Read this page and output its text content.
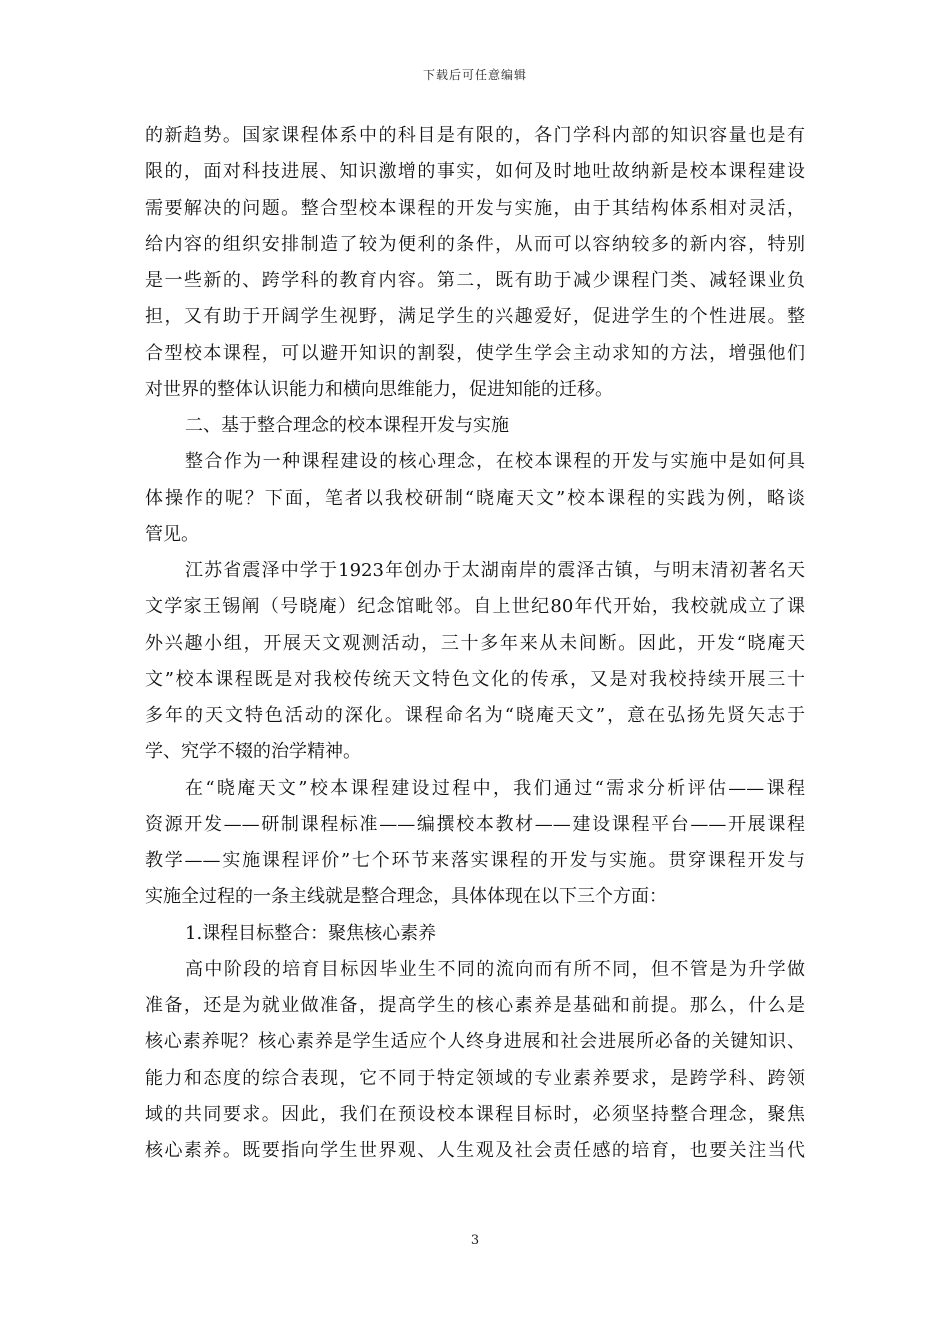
下载后可任意编辑
的新趋势。国家课程体系中的科目是有限的，各门学科内部的知识容量也是有
限的，面对科技进展、知识激增的事实，如何及时地吐故纳新是校本课程建设
需要解决的问题。整合型校本课程的开发与实施，由于其结构体系相对灵活，
给内容的组织安排制造了较为便利的条件，从而可以容纳较多的新内容，特别
是一些新的、跨学科的教育内容。第二，既有助于减少课程门类、减轻课业负
担，又有助于开阔学生视野，满足学生的兴趣爱好，促进学生的个性进展。整
合型校本课程，可以避开知识的割裂，使学生学会主动求知的方法，增强他们
对世界的整体认识能力和横向思维能力，促进知能的迁移。
二、基于整合理念的校本课程开发与实施
整合作为一种课程建设的核心理念，在校本课程的开发与实施中是如何具
体操作的呢？下面，笔者以我校研制“晓庵天文”校本课程的实践为例，略谈
管见。
江苏省震泽中学于1923年创办于太湖南岸的震泽古镇，与明末清初著名天
文学家王锡阐（号晓庵）纪念馆毗邻。自上世纪80年代开始，我校就成立了课
外兴趣小组，开展天文观测活动，三十多年来从未间断。因此，开发“晓庵天
文”校本课程既是对我校传统天文特色文化的传承，又是对我校持续开展三十
多年的天文特色活动的深化。课程命名为“晓庵天文”，意在弘扬先贤矢志于
学、究学不辍的治学精神。
在“晓庵天文”校本课程建设过程中，我们通过“需求分析评估——课程
资源开发——研制课程标准——编撰校本教材——建设课程平台——开展课程
教学——实施课程评价”七个环节来落实课程的开发与实施。贯穿课程开发与
实施全过程的一条主线就是整合理念，具体体现在以下三个方面：
1.课程目标整合：聚焦核心素养
高中阶段的培育目标因毕业生不同的流向而有所不同，但不管是为升学做
准备，还是为就业做准备，提高学生的核心素养是基础和前提。那么，什么是
核心素养呢？核心素养是学生适应个人终身进展和社会进展所必备的关键知识、
能力和态度的综合表现，它不同于特定领域的专业素养要求，是跨学科、跨领
域的共同要求。因此，我们在预设校本课程目标时，必须坚持整合理念，聚焦
核心素养。既要指向学生世界观、人生观及社会责任感的培育，也要关注当代
3
